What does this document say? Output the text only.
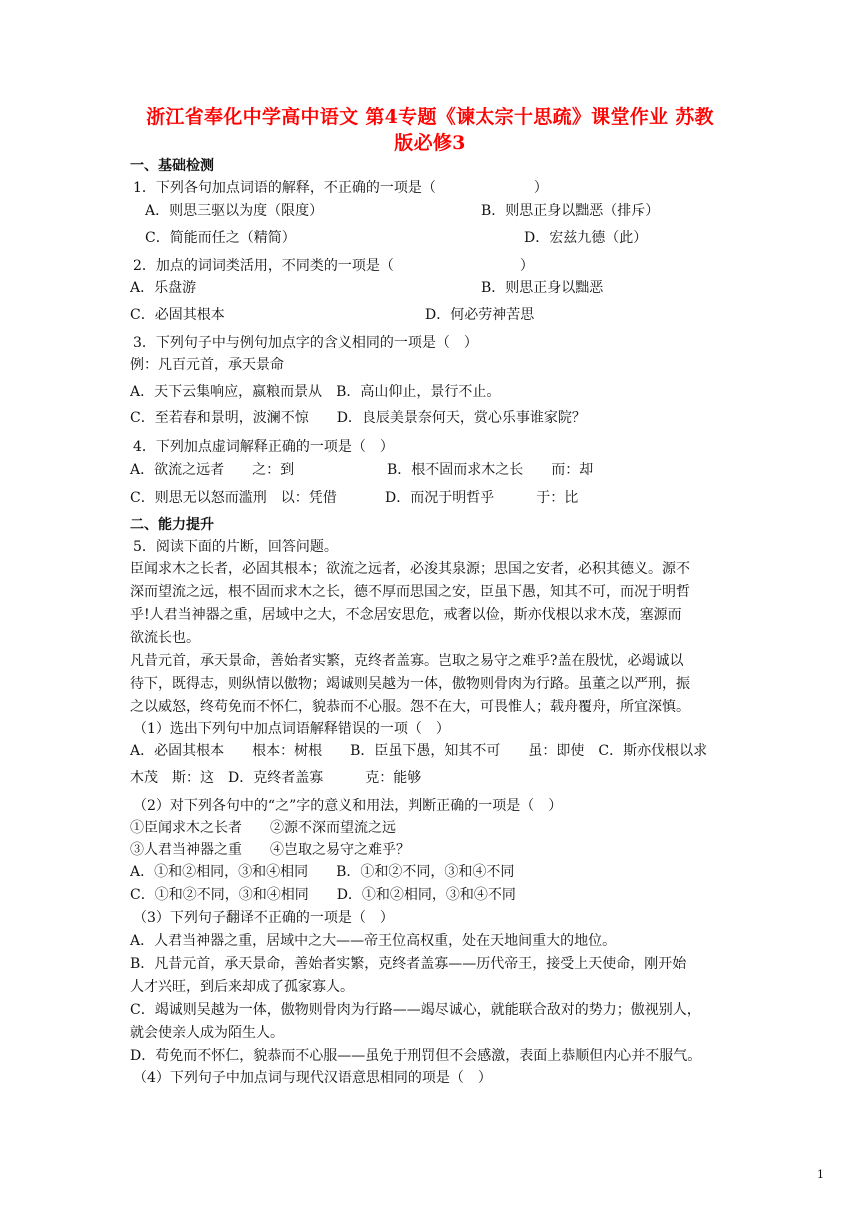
浙江省奉化中学高中语文 第4专题《谏太宗十思疏》课堂作业 苏教
版必修3
一、基础检测
1．下列各句加点词语的解释，不正确的一项是（　　　　　　　）
A．则思三驱以为度（限度）	B．则思正身以黜恶（排斥）
C．简能而任之（精简）	D．宏兹九德（此）
2．加点的词词类活用，不同类的一项是（　　　　　　　　　）
A．乐盘游	B．则思正身以黜恶
C．必固其根本	D．何必劳神苦思
3．下列句子中与例句加点字的含义相同的一项是（　）
例：凡百元首，承天景命
A．天下云集响应，嬴粮而景从　B．高山仰止，景行不止。
C．至若春和景明，波澜不惊　　D．良辰美景奈何天，赏心乐事谁家院？
4．下列加点虚词解释正确的一项是（　）
A．欲流之远者　　之：到	B．根不固而求木之长　　而：却
C．则思无以怒而滥刑　以：凭借	D．而况于明哲乎　　　于：比
二、能力提升
5．阅读下面的片断，回答问题。
臣闻求木之长者，必固其根本；欲流之远者，必浚其泉源；思国之安者，必积其德义。源不
深而望流之远，根不固而求木之长，德不厚而思国之安，臣虽下愚，知其不可，而况于明哲
乎!人君当神器之重，居域中之大，不念居安思危，戒奢以俭，斯亦伐根以求木茂，塞源而
欲流长也。
凡昔元首，承天景命，善始者实繁，克终者盖寡。岂取之易守之难乎?盖在殷忧，必竭诚以
待下，既得志，则纵情以傲物；竭诚则吴越为一体，傲物则骨肉为行路。虽董之以严刑，振
之以威怒，终苟免而不怀仁，貌恭而不心服。怨不在大，可畏惟人；载舟覆舟，所宜深慎。
（1）选出下列句中加点词语解释错误的一项（　）
A．必固其根本　　根本：树根　　B．臣虽下愚，知其不可　　虽：即使　C．斯亦伐根以求
木茂　斯：这　D．克终者盖寡　　　克：能够
（2）对下列各句中的“之”字的意义和用法，判断正确的一项是（　）
①臣闻求木之长者　　②源不深而望流之远
③人君当神器之重　　④岂取之易守之难乎？
A．①和②相同，③和④相同　　B．①和②不同，③和④不同
C．①和②不同，③和④相同　　D．①和②相同，③和④不同
（3）下列句子翻译不正确的一项是（　）
A．人君当神器之重，居域中之大——帝王位高权重，处在天地间重大的地位。
B．凡昔元首，承天景命，善始者实繁，克终者盖寡——历代帝王，接受上天使命，刚开始
人才兴旺，到后来却成了孤家寡人。
C．竭诚则吴越为一体，傲物则骨肉为行路——竭尽诚心，就能联合敌对的势力；傲视别人，
就会使亲人成为陌生人。
D．苟免而不怀仁，貌恭而不心服——虽免于刑罚但不会感激，表面上恭顺但内心并不服气。
（4）下列句子中加点词与现代汉语意思相同的项是（　）
1
